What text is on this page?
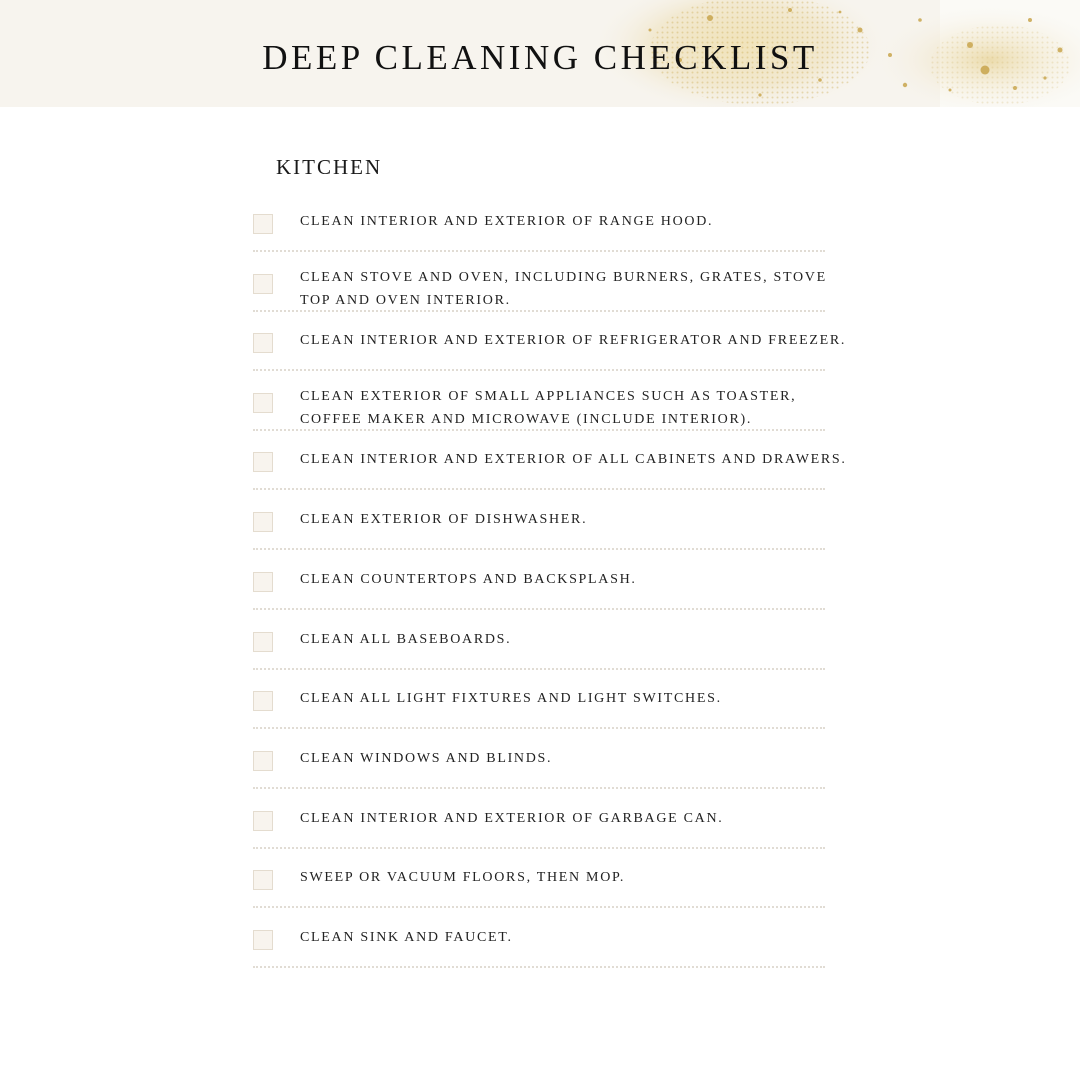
DEEP CLEANING CHECKLIST
KITCHEN
CLEAN INTERIOR AND EXTERIOR OF RANGE HOOD.
CLEAN STOVE AND OVEN, INCLUDING BURNERS, GRATES, STOVE
TOP AND OVEN INTERIOR.
CLEAN INTERIOR AND EXTERIOR OF REFRIGERATOR AND FREEZER.
CLEAN EXTERIOR OF SMALL APPLIANCES SUCH AS TOASTER,
COFFEE MAKER AND MICROWAVE (INCLUDE INTERIOR).
CLEAN INTERIOR AND EXTERIOR OF ALL CABINETS AND DRAWERS.
CLEAN EXTERIOR OF DISHWASHER.
CLEAN COUNTERTOPS AND BACKSPLASH.
CLEAN ALL BASEBOARDS.
CLEAN ALL LIGHT FIXTURES AND LIGHT SWITCHES.
CLEAN WINDOWS AND BLINDS.
CLEAN INTERIOR AND EXTERIOR OF GARBAGE CAN.
SWEEP OR VACUUM FLOORS, THEN MOP.
CLEAN SINK AND FAUCET.
